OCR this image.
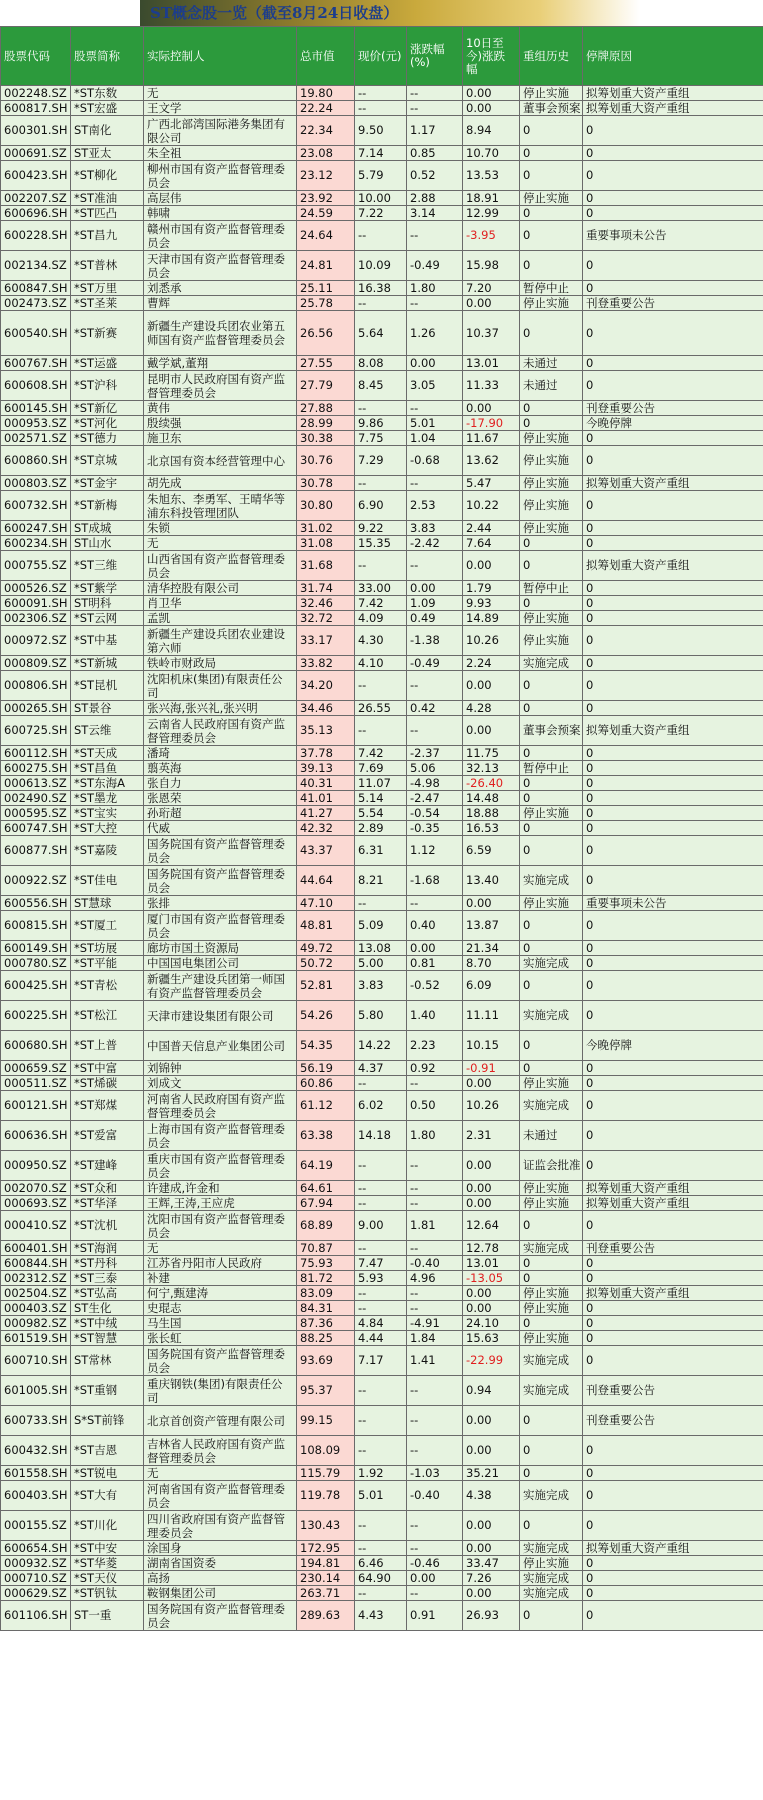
ST概念股一览（截至8月24日收盘）
股票代码	股票简称	实际控制人	总市值	现价(元)	涨跌幅(%)	10日至今)涨跌幅	重组历史	停牌原因
002248.SZ	*ST东数	无	19.80	--	--	0.00	停止实施	拟筹划重大资产重组
600817.SH	*ST宏盛	王文学	22.24	--	--	0.00	董事会预案	拟筹划重大资产重组
600301.SH	ST南化	广西北部湾国际港务集团有限公司	22.34	9.50	1.17	8.94	0	0
000691.SZ	ST亚太	朱全祖	23.08	7.14	0.85	10.70	0	0
600423.SH	*ST柳化	柳州市国有资产监督管理委员会	23.12	5.79	0.52	13.53	0	0
002207.SZ	*ST准油	高层伟	23.92	10.00	2.88	18.91	停止实施	0
600696.SH	*ST匹凸	韩啸	24.59	7.22	3.14	12.99	0	0
600228.SH	*ST昌九	赣州市国有资产监督管理委员会	24.64	--	--	-3.95	0	重要事项未公告
002134.SZ	*ST普林	天津市国有资产监督管理委员会	24.81	10.09	-0.49	15.98	0	0
600847.SH	*ST万里	刘悉承	25.11	16.38	1.80	7.20	暂停中止	0
002473.SZ	*ST圣莱	曹辉	25.78	--	--	0.00	停止实施	刊登重要公告
600540.SH	*ST新赛	新疆生产建设兵团农业第五师国有资产监督管理委员会	26.56	5.64	1.26	10.37	0	0
600767.SH	*ST运盛	戴学斌,董翔	27.55	8.08	0.00	13.01	未通过	0
600608.SH	*ST沪科	昆明市人民政府国有资产监督管理委员会	27.79	8.45	3.05	11.33	未通过	0
600145.SH	*ST新亿	黄伟	27.88	--	--	0.00	0	刊登重要公告
000953.SZ	*ST河化	殷续强	28.99	9.86	5.01	-17.90	0	今晚停牌
002571.SZ	*ST德力	施卫东	30.38	7.75	1.04	11.67	停止实施	0
600860.SH	*ST京城	北京国有资本经营管理中心	30.76	7.29	-0.68	13.62	停止实施	0
000803.SZ	*ST金宇	胡先成	30.78	--	--	5.47	停止实施	拟筹划重大资产重组
600732.SH	*ST新梅	朱旭东、李勇军、王晴华等浦东科投管理团队	30.80	6.90	2.53	10.22	停止实施	0
600247.SH	ST成城	朱锁	31.02	9.22	3.83	2.44	停止实施	0
600234.SH	ST山水	无	31.08	15.35	-2.42	7.64	0	0
000755.SZ	*ST三维	山西省国有资产监督管理委员会	31.68	--	--	0.00	0	拟筹划重大资产重组
000526.SZ	*ST紫学	清华控股有限公司	31.74	33.00	0.00	1.79	暂停中止	0
600091.SH	ST明科	肖卫华	32.46	7.42	1.09	9.93	0	0
002306.SZ	*ST云网	孟凯	32.72	4.09	0.49	14.89	停止实施	0
000972.SZ	*ST中基	新疆生产建设兵团农业建设第六师	33.17	4.30	-1.38	10.26	停止实施	0
000809.SZ	*ST新城	铁岭市财政局	33.82	4.10	-0.49	2.24	实施完成	0
000806.SH	*ST昆机	沈阳机床(集团)有限责任公司	34.20	--	--	0.00	0	0
000265.SH	ST景谷	张兴海,张兴礼,张兴明	34.46	26.55	0.42	4.28	0	0
600725.SH	ST云维	云南省人民政府国有资产监督管理委员会	35.13	--	--	0.00	董事会预案	拟筹划重大资产重组
600112.SH	*ST天成	潘琦	37.78	7.42	-2.37	11.75	0	0
600275.SH	*ST昌鱼	翦英海	39.13	7.69	5.06	32.13	暂停中止	0
000613.SZ	*ST东海A	张自力	40.31	11.07	-4.98	-26.40	0	0
002490.SZ	*ST墨龙	张恩荣	41.01	5.14	-2.47	14.48	0	0
000595.SZ	*ST宝实	孙珩超	41.27	5.54	-0.54	18.88	停止实施	0
600747.SH	*ST大控	代威	42.32	2.89	-0.35	16.53	0	0
600877.SH	*ST嘉陵	国务院国有资产监督管理委员会	43.37	6.31	1.12	6.59	0	0
000922.SZ	*ST佳电	国务院国有资产监督管理委员会	44.64	8.21	-1.68	13.40	实施完成	0
600556.SH	ST慧球	张排	47.10	--	--	0.00	停止实施	重要事项未公告
600815.SH	*ST厦工	厦门市国有资产监督管理委员会	48.81	5.09	0.40	13.87	0	0
600149.SH	*ST坊展	廊坊市国土资源局	49.72	13.08	0.00	21.34	0	0
000780.SZ	*ST平能	中国国电集团公司	50.72	5.00	0.81	8.70	实施完成	0
600425.SH	*ST青松	新疆生产建设兵团第一师国有资产监督管理委员会	52.81	3.83	-0.52	6.09	0	0
600225.SH	*ST松江	天津市建设集团有限公司	54.26	5.80	1.40	11.11	实施完成	0
600680.SH	*ST上普	中国普天信息产业集团公司	54.35	14.22	2.23	10.15	0	今晚停牌
000659.SZ	*ST中富	刘锦钟	56.19	4.37	0.92	-0.91	0	0
000511.SZ	*ST烯碳	刘成文	60.86	--	--	0.00	停止实施	0
600121.SH	*ST郑煤	河南省人民政府国有资产监督管理委员会	61.12	6.02	0.50	10.26	实施完成	0
600636.SH	*ST爱富	上海市国有资产监督管理委员会	63.38	14.18	1.80	2.31	未通过	0
000950.SZ	*ST建峰	重庆市国有资产监督管理委员会	64.19	--	--	0.00	证监会批准	0
002070.SZ	*ST众和	许建成,许金和	64.61	--	--	0.00	停止实施	拟筹划重大资产重组
000693.SZ	*ST华泽	王辉,王涛,王应虎	67.94	--	--	0.00	停止实施	拟筹划重大资产重组
000410.SZ	*ST沈机	沈阳市国有资产监督管理委员会	68.89	9.00	1.81	12.64	0	0
600401.SH	*ST海润	无	70.87	--	--	12.78	实施完成	刊登重要公告
600844.SH	*ST丹科	江苏省丹阳市人民政府	75.93	7.47	-0.40	13.01	0	0
002312.SZ	*ST三泰	补建	81.72	5.93	4.96	-13.05	0	0
002504.SZ	*ST弘高	何宁,甄建涛	83.09	--	--	0.00	停止实施	拟筹划重大资产重组
000403.SZ	ST生化	史琨志	84.31	--	--	0.00	停止实施	0
000982.SZ	*ST中绒	马生国	87.36	4.84	-4.91	24.10	0	0
601519.SH	*ST智慧	张长虹	88.25	4.44	1.84	15.63	停止实施	0
600710.SH	ST常林	国务院国有资产监督管理委员会	93.69	7.17	1.41	-22.99	实施完成	0
601005.SH	*ST重钢	重庆钢铁(集团)有限责任公司	95.37	--	--	0.94	实施完成	刊登重要公告
600733.SH	S*ST前锋	北京首创资产管理有限公司	99.15	--	--	0.00	0	刊登重要公告
600432.SH	*ST吉恩	吉林省人民政府国有资产监督管理委员会	108.09	--	--	0.00	0	0
601558.SH	*ST锐电	无	115.79	1.92	-1.03	35.21	0	0
600403.SH	*ST大有	河南省国有资产监督管理委员会	119.78	5.01	-0.40	4.38	实施完成	0
000155.SZ	*ST川化	四川省政府国有资产监督管理委员会	130.43	--	--	0.00	0	0
600654.SH	*ST中安	涂国身	172.95	--	--	0.00	实施完成	拟筹划重大资产重组
000932.SZ	*ST华菱	湖南省国资委	194.81	6.46	-0.46	33.47	停止实施	0
000710.SZ	*ST天仪	高扬	230.14	64.90	0.00	7.26	实施完成	0
000629.SZ	*ST钒钛	鞍钢集团公司	263.71	--	--	0.00	实施完成	0
601106.SH	ST一重	国务院国有资产监督管理委员会	289.63	4.43	0.91	26.93	0	0
